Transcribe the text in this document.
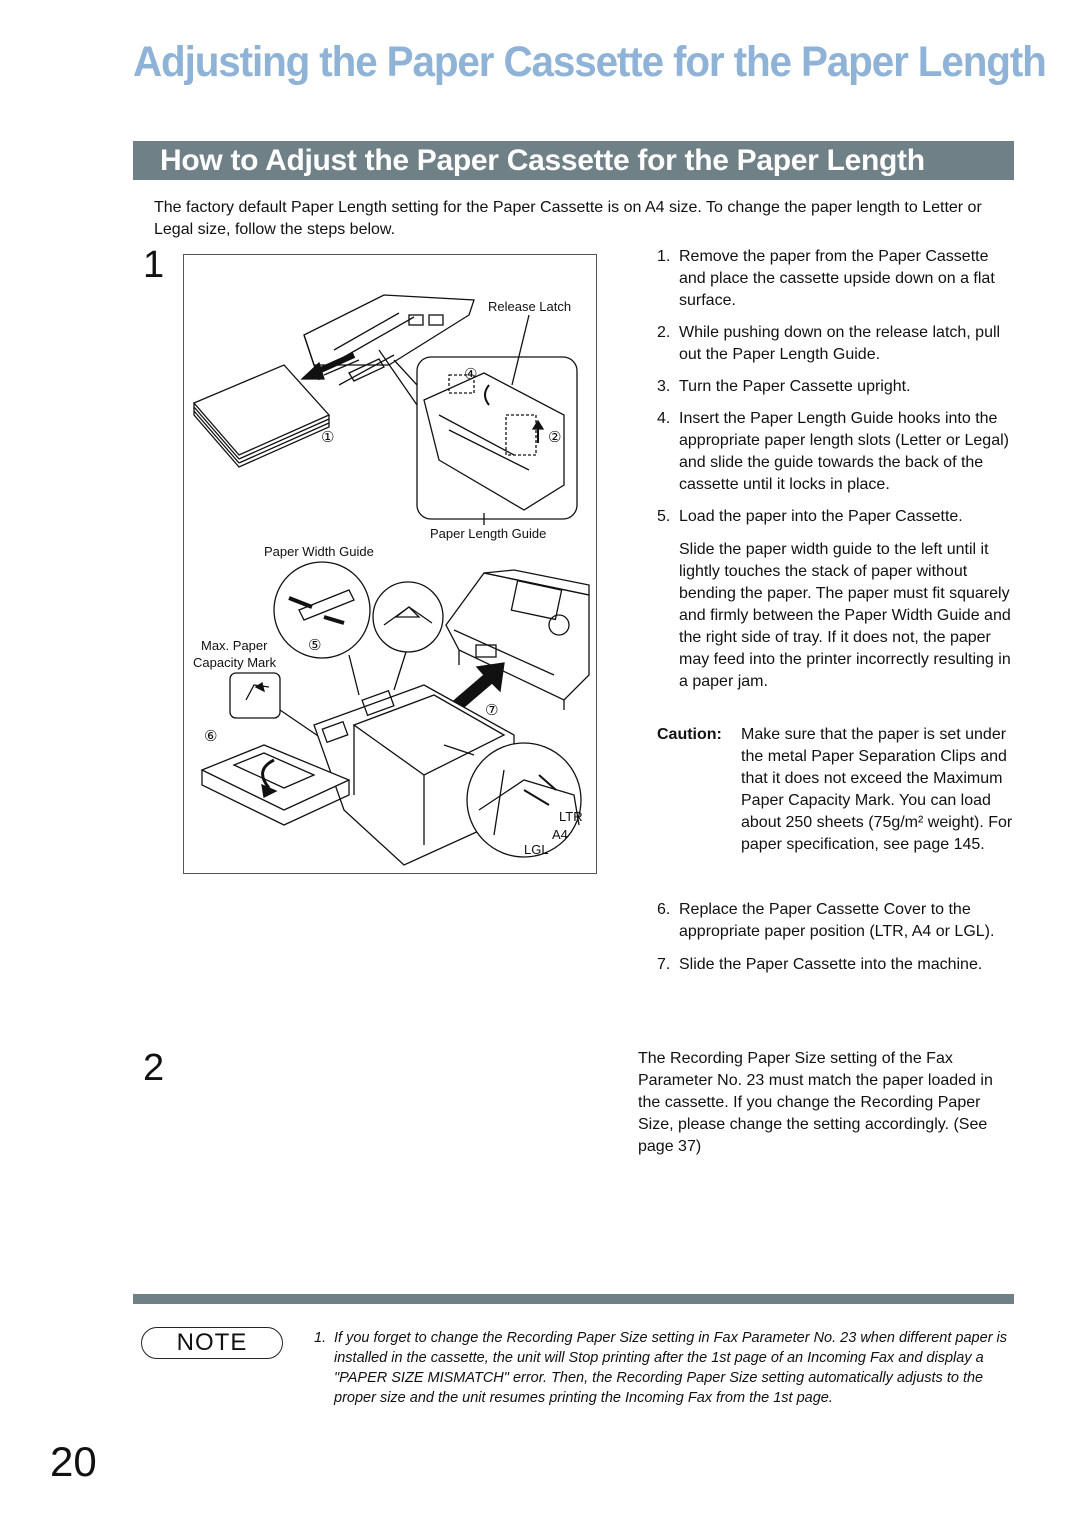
Adjusting the Paper Cassette for the Paper Length
How to Adjust the Paper Cassette for the Paper Length
The factory default Paper Length setting for the Paper Cassette is on A4 size. To change the paper length to Letter or Legal size, follow the steps below.
1
Release Latch
Paper Length Guide
Paper Width Guide
Max. Paper
Capacity Mark
LTR
A4
LGL
①	②
④
⑤
⑥
⑦
1. Remove the paper from the Paper Cassette and place the cassette upside down on a flat surface.
2. While pushing down on the release latch, pull out the Paper Length Guide.
3. Turn the Paper Cassette upright.
4. Insert the Paper Length Guide hooks into the appropriate paper length slots (Letter or Legal) and slide the guide towards the back of the cassette until it locks in place.
5. Load the paper into the Paper Cassette.
Slide the paper width guide to the left until it lightly touches the stack of paper without bending the paper. The paper must fit squarely and firmly between the Paper Width Guide and the right side of tray. If it does not, the paper may feed into the printer incorrectly resulting in a paper jam.
Caution: Make sure that the paper is set under the metal Paper Separation Clips and that it does not exceed the Maximum Paper Capacity Mark. You can load about 250 sheets (75g/m² weight). For paper specification, see page 145.
6. Replace the Paper Cassette Cover to the appropriate paper position (LTR, A4 or LGL).
7. Slide the Paper Cassette into the machine.
2	The Recording Paper Size setting of the Fax Parameter No. 23 must match the paper loaded in the cassette. If you change the Recording Paper Size, please change the setting accordingly. (See page 37)
NOTE	1. If you forget to change the Recording Paper Size setting in Fax Parameter No. 23 when different paper is installed in the cassette, the unit will Stop printing after the 1st page of an Incoming Fax and display a "PAPER SIZE MISMATCH" error. Then, the Recording Paper Size setting automatically adjusts to the proper size and the unit resumes printing the Incoming Fax from the 1st page.
20
